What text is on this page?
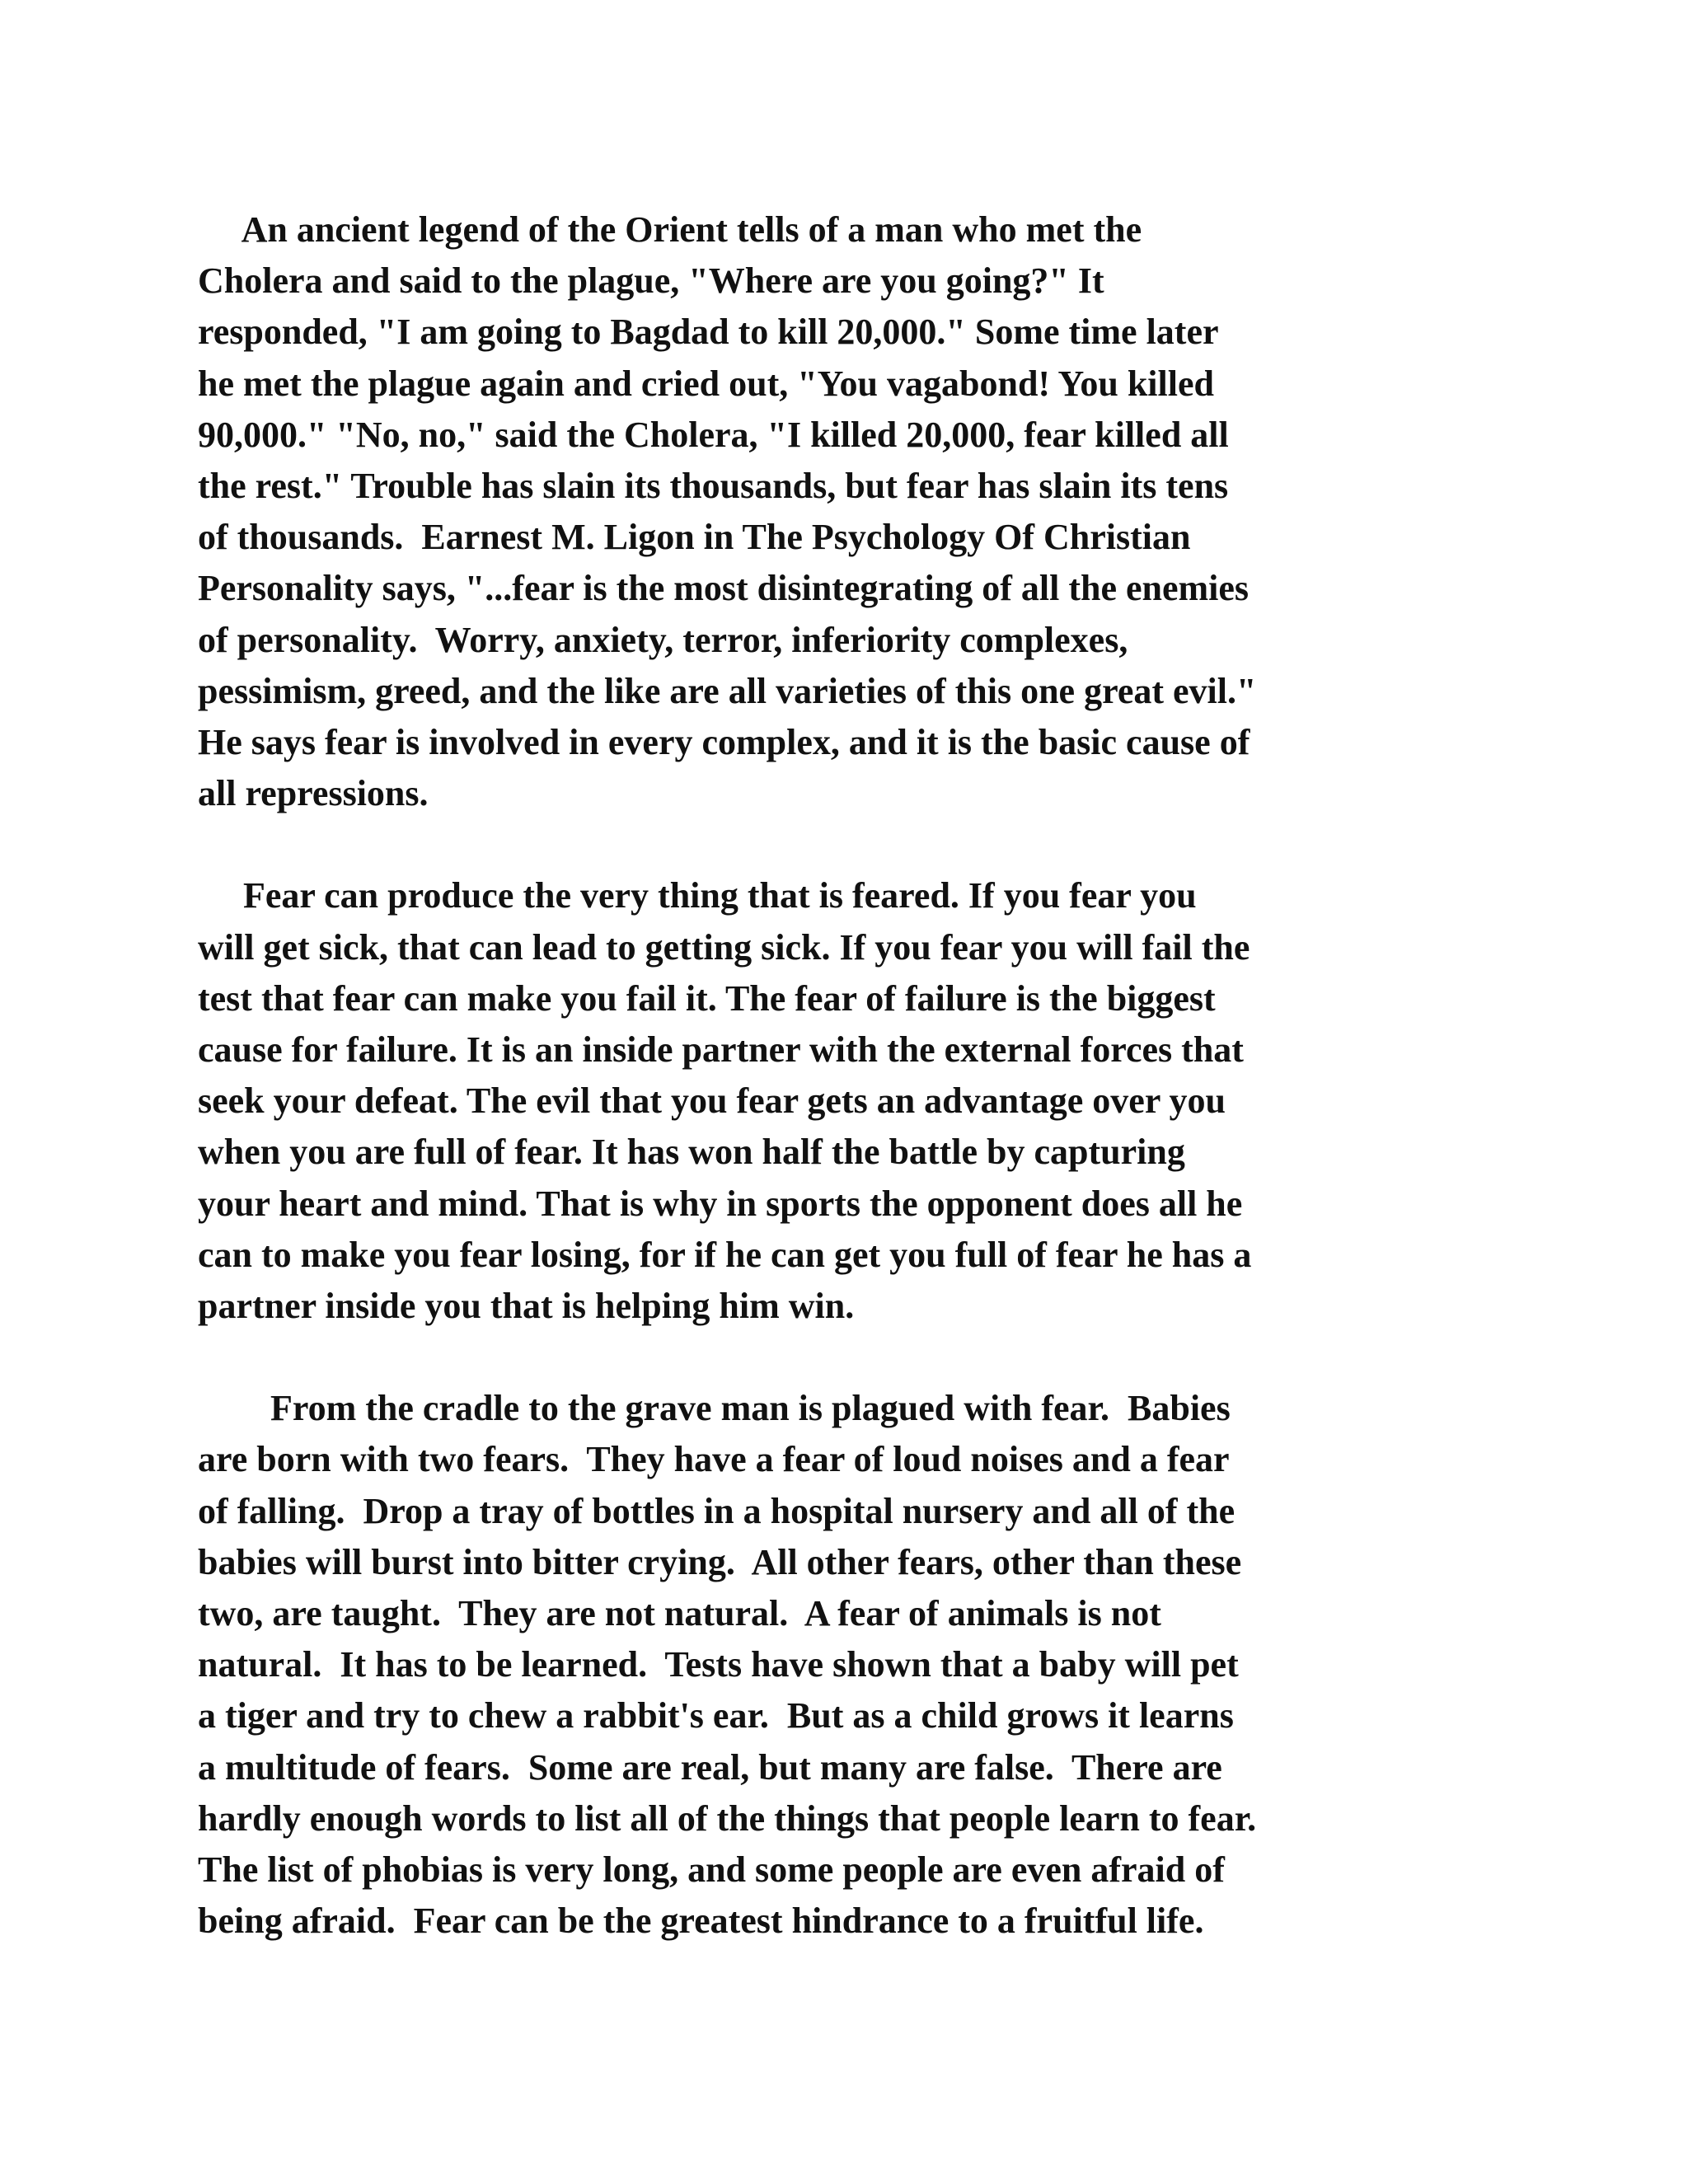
An ancient legend of the Orient tells of a man who met the

Cholera and said to the plague, "Where are you going?" It

responded, "I am going to Bagdad to kill 20,000." Some time later

he met the plague again and cried out, "You vagabond! You killed

90,000." "No, no," said the Cholera, "I killed 20,000, fear killed all

the rest." Trouble has slain its thousands, but fear has slain its tens

of thousands.  Earnest M. Ligon in The Psychology Of Christian

Personality says, "...fear is the most disintegrating of all the enemies

of personality.  Worry, anxiety, terror, inferiority complexes,

pessimism, greed, and the like are all varieties of this one great evil."

He says fear is involved in every complex, and it is the basic cause of

all repressions.

Fear can produce the very thing that is feared. If you fear you

will get sick, that can lead to getting sick. If you fear you will fail the

test that fear can make you fail it. The fear of failure is the biggest

cause for failure. It is an inside partner with the external forces that

seek your defeat. The evil that you fear gets an advantage over you

when you are full of fear. It has won half the battle by capturing

your heart and mind. That is why in sports the opponent does all he

can to make you fear losing, for if he can get you full of fear he has a

partner inside you that is helping him win.

From the cradle to the grave man is plagued with fear.  Babies

are born with two fears.  They have a fear of loud noises and a fear

of falling.  Drop a tray of bottles in a hospital nursery and all of the

babies will burst into bitter crying.  All other fears, other than these

two, are taught.  They are not natural.  A fear of animals is not

natural.  It has to be learned.  Tests have shown that a baby will pet

a tiger and try to chew a rabbit's ear.  But as a child grows it learns

a multitude of fears.  Some are real, but many are false.  There are

hardly enough words to list all of the things that people learn to fear.

The list of phobias is very long, and some people are even afraid of

being afraid.  Fear can be the greatest hindrance to a fruitful life.
